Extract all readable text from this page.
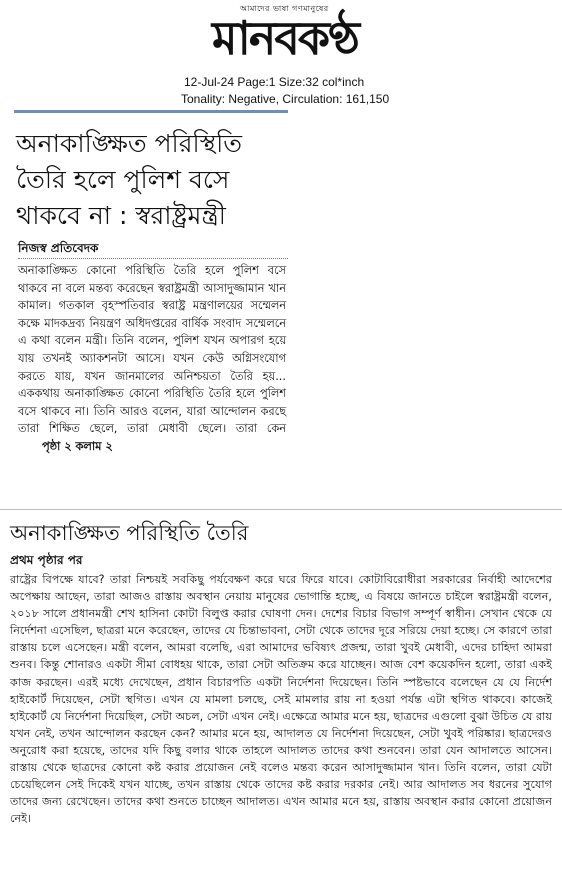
আমাদের ভাষা গণমানুষের
মানবকণ্ঠ
12-Jul-24 Page:1 Size:32 col*inch
Tonality: Negative, Circulation: 161,150
অনাকাঙ্ক্ষিত পরিস্থিতি তৈরি হলে পুলিশ বসে থাকবে না : স্বরাষ্ট্রমন্ত্রী
নিজস্ব প্রতিবেদক
অনাকাঙ্ক্ষিত কোনো পরিস্থিতি তৈরি হলে পুলিশ বসে থাকবে না বলে মন্তব্য করেছেন স্বরাষ্ট্রমন্ত্রী আসাদুজ্জামান খান কামাল। গতকাল বৃহস্পতিবার স্বরাষ্ট্র মন্ত্রণালয়ের সম্মেলন কক্ষে মাদকদ্রব্য নিয়ন্ত্রণ অধিদপ্তরের বার্ষিক সংবাদ সম্মেলনে এ কথা বলেন মন্ত্রী। তিনি বলেন, পুলিশ যখন অপারগ হয়ে যায় তখনই অ্যাকশনটা আসে। যখন কেউ অগ্নিসংযোগ করতে যায়, যখন জানমালের অনিশ্চয়তা তৈরি হয়... এককথায় অনাকাঙ্ক্ষিত কোনো পরিস্থিতি তৈরি হলে পুলিশ বসে থাকবে না। তিনি আরও বলেন, যারা আন্দোলন করছে তারা শিক্ষিত ছেলে, তারা মেধাবী ছেলে। তারা কেন পৃষ্ঠা ২ কলাম ২
অনাকাঙ্ক্ষিত পরিস্থিতি তৈরি
প্রথম পৃষ্ঠার পর
রাষ্ট্রের বিপক্ষে যাবে? তারা নিশ্চয়ই সবকিছু পর্যবেক্ষণ করে ঘরে ফিরে যাবে। কোটাবিরোধীরা সরকারের নির্বাহী আদেশের অপেক্ষায় আছেন, তারা আজও রাস্তায় অবস্থান নেয়ায় মানুষের ভোগান্তি হচ্ছে, এ বিষয়ে জানতে চাইলে স্বরাষ্ট্রমন্ত্রী বলেন, ২০১৮ সালে প্রধানমন্ত্রী শেখ হাসিনা কোটা বিলুপ্ত করার ঘোষণা দেন। দেশের বিচার বিভাগ সম্পূর্ণ স্বাধীন। সেখান থেকে যে নির্দেশনা এসেছিল, ছাত্ররা মনে করেছেন, তাদের যে চিন্তাভাবনা, সেটা থেকে তাদের দূরে সরিয়ে দেয়া হচ্ছে। সে কারণে তারা রাস্তায় চলে এসেছেন। মন্ত্রী বলেন, আমরা বলেছি, এরা আমাদের ভবিষ্যৎ প্রজন্ম, তারা খুবই মেধাবী, এদের চাহিদা আমরা শুনব। কিন্তু শোনারও একটা সীমা বোধহয় থাকে, তারা সেটা অতিক্রম করে যাচ্ছেন। আজ বেশ কয়েকদিন হলো, তারা একই কাজ করছেন। এরই মধ্যে দেখেছেন, প্রধান বিচারপতি একটা নির্দেশনা দিয়েছেন। তিনি স্পষ্টভাবে বলেছেন যে যে নির্দেশ হাইকোর্ট দিয়েছেন, সেটা স্থগিত। এখন যে মামলা চলছে, সেই মামলার রায় না হওয়া পর্যন্ত এটা স্থগিত থাকবে। কাজেই হাইকোর্ট যে নির্দেশনা দিয়েছিল, সেটা অচল, সেটা এখন নেই। এক্ষেত্রে আমার মনে হয়, ছাত্রদের এগুলো বুঝা উচিত যে রায় যখন নেই, তখন আন্দোলন করছেন কেন? আমার মনে হয়, আদালত যে নির্দেশনা দিয়েছেন, সেটা খুবই পরিষ্কার। ছাত্রদেরও অনুরোধ করা হয়েছে, তাদের যদি কিছু বলার থাকে তাহলে আদালত তাদের কথা শুনবেন। তারা যেন আদালতে আসেন। রাস্তায় থেকে ছাত্রদের কোনো কষ্ট করার প্রয়োজন নেই বলেও মন্তব্য করেন আসাদুজ্জামান খান। তিনি বলেন, তারা যেটা চেয়েছিলেন সেই দিকেই যখন যাচ্ছে, তখন রাস্তায় থেকে তাদের কষ্ট করার দরকার নেই। আর আদালত সব ধরনের সুযোগ তাদের জন্য রেখেছেন। তাদের কথা শুনতে চাচ্ছেন আদালত। এখন আমার মনে হয়, রাস্তায় অবস্থান করার কোনো প্রয়োজন নেই।
